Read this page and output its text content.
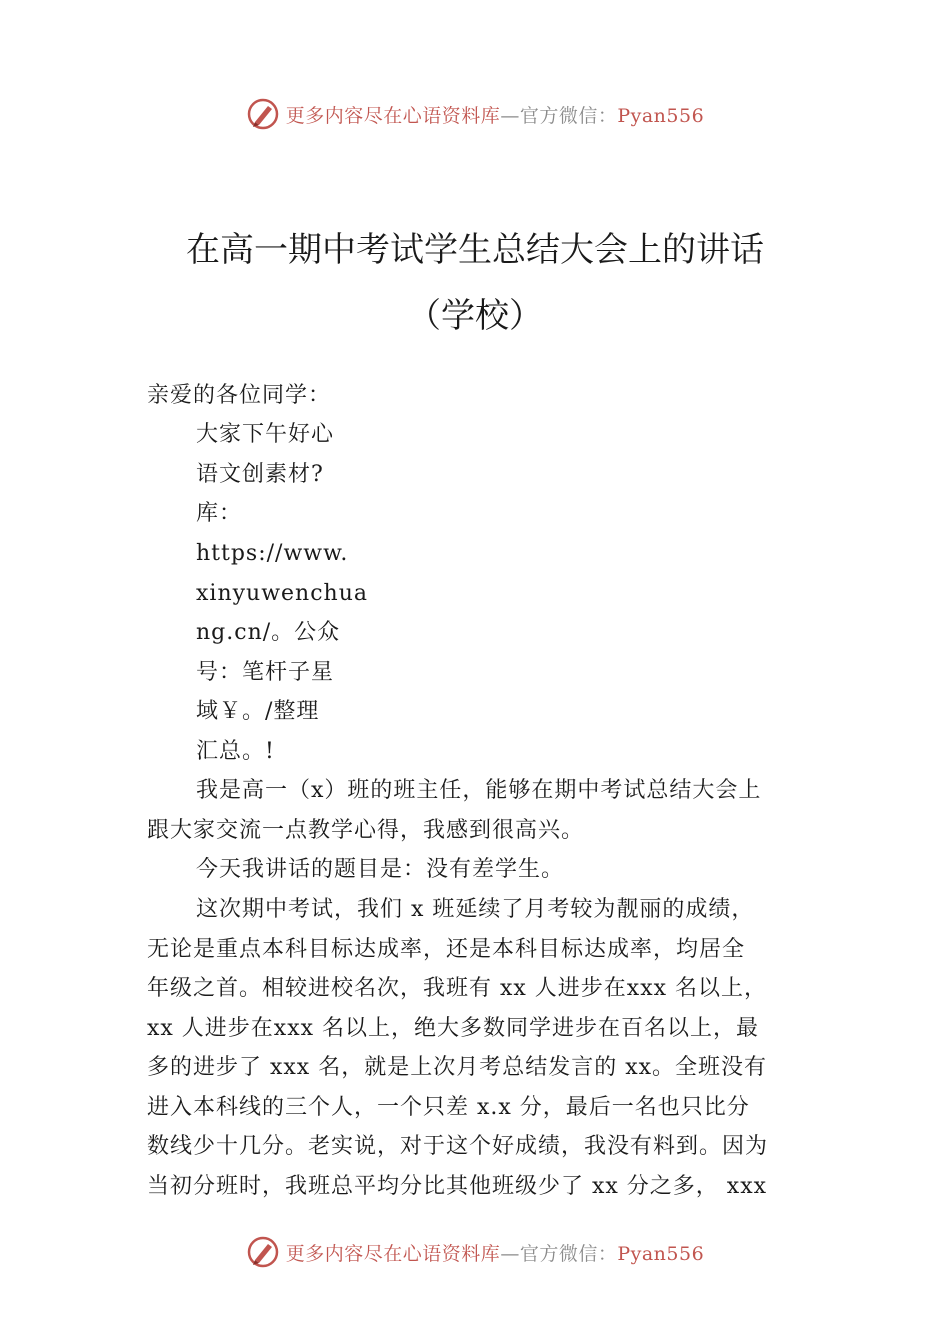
更多内容尽在心语资料库—官方微信：Pyan556
在高一期中考试学生总结大会上的讲话
（学校）
亲爱的各位同学：
大家下午好心
语文创素材?
库：
https://www.
xinyuwenchua
ng.cn/。公众
号：笔杆子星
域￥。/整理
汇总。!
我是高一（x）班的班主任，能够在期中考试总结大会上
跟大家交流一点教学心得，我感到很高兴。
今天我讲话的题目是：没有差学生。
这次期中考试，我们 x 班延续了月考较为靓丽的成绩，
无论是重点本科目标达成率，还是本科目标达成率，均居全
年级之首。相较进校名次，我班有 xx 人进步在xxx 名以上，
xx 人进步在xxx 名以上，绝大多数同学进步在百名以上，最
多的进步了 xxx 名，就是上次月考总结发言的 xx。全班没有
进入本科线的三个人，一个只差 x.x 分，最后一名也只比分
数线少十几分。老实说，对于这个好成绩，我没有料到。因为
当初分班时，我班总平均分比其他班级少了 xx 分之多， xxx
更多内容尽在心语资料库—官方微信：Pyan556
